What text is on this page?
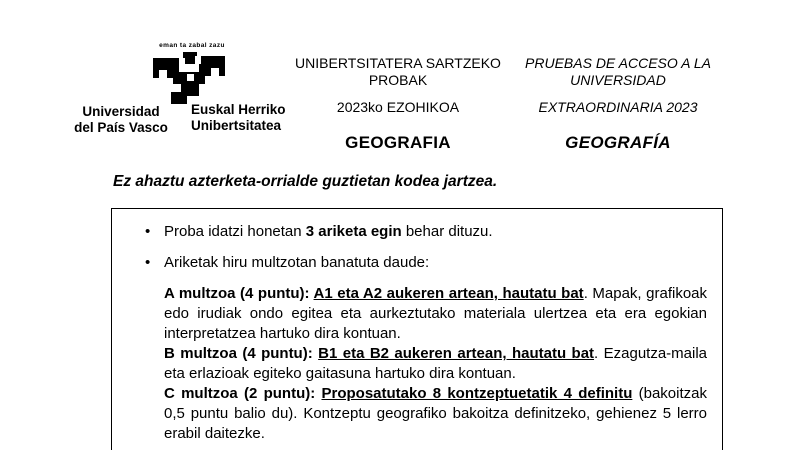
eman ta zabal zazu
Universidad
del País Vasco
Euskal Herriko
Unibertsitatea
UNIBERTSITATERA SARTZEKO
PROBAK
2023ko EZOHIKOA
GEOGRAFIA
PRUEBAS DE ACCESO A LA
UNIVERSIDAD
EXTRAORDINARIA 2023
GEOGRAFÍA
Ez ahaztu azterketa-orrialde guztietan kodea jartzea.
•
Proba idatzi honetan 3 ariketa egin behar dituzu.
•
Ariketak hiru multzotan banatuta daude:

A multzoa (4 puntu): A1 eta A2 aukeren artean, hautatu bat. Mapak, grafikoak edo irudiak ondo egitea eta aurkeztutako materiala ulertzea eta era egokian interpretatzea hartuko dira kontuan.

B multzoa (4 puntu): B1 eta B2 aukeren artean, hautatu bat. Ezagutza-maila eta erlazioak egiteko gaitasuna hartuko dira kontuan.

C multzoa (2 puntu): Proposatutako 8 kontzeptuetatik 4 definitu (bakoitzak 0,5 puntu balio du). Kontzeptu geografiko bakoitza definitzeko, gehienez 5 lerro erabil daitezke.
